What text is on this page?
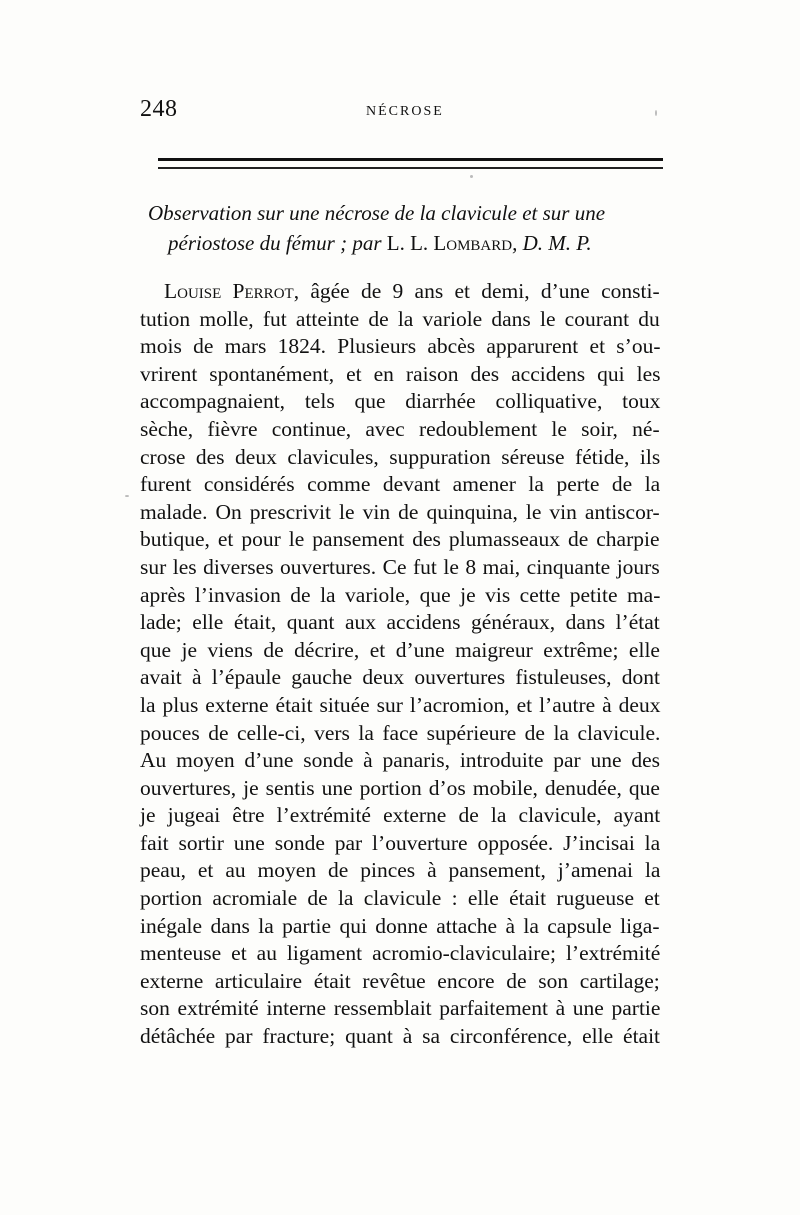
248	NÉCROSE
Observation sur une nécrose de la clavicule et sur une
périostose du fémur ; par L. L. Lombard, D. M. P.
Louise Perrot, âgée de 9 ans et demi, d’une consti-
tution molle, fut atteinte de la variole dans le courant du
mois de mars 1824. Plusieurs abcès apparurent et s’ou-
vrirent spontanément, et en raison des accidens qui les
accompagnaient, tels que diarrhée colliquative, toux
sèche, fièvre continue, avec redoublement le soir, né-
crose des deux clavicules, suppuration séreuse fétide, ils
furent considérés comme devant amener la perte de la
malade. On prescrivit le vin de quinquina, le vin antiscor-
butique, et pour le pansement des plumasseaux de charpie
sur les diverses ouvertures. Ce fut le 8 mai, cinquante jours
après l’invasion de la variole, que je vis cette petite ma-
lade; elle était, quant aux accidens généraux, dans l’état
que je viens de décrire, et d’une maigreur extrême; elle
avait à l’épaule gauche deux ouvertures fistuleuses, dont
la plus externe était située sur l’acromion, et l’autre à deux
pouces de celle-ci, vers la face supérieure de la clavicule.
Au moyen d’une sonde à panaris, introduite par une des
ouvertures, je sentis une portion d’os mobile, denudée, que
je jugeai être l’extrémité externe de la clavicule, ayant
fait sortir une sonde par l’ouverture opposée. J’incisai la
peau, et au moyen de pinces à pansement, j’amenai la
portion acromiale de la clavicule : elle était rugueuse et
inégale dans la partie qui donne attache à la capsule liga-
menteuse et au ligament acromio-claviculaire; l’extrémité
externe articulaire était revêtue encore de son cartilage;
son extrémité interne ressemblait parfaitement à une partie
détâchée par fracture; quant à sa circonférence, elle était
